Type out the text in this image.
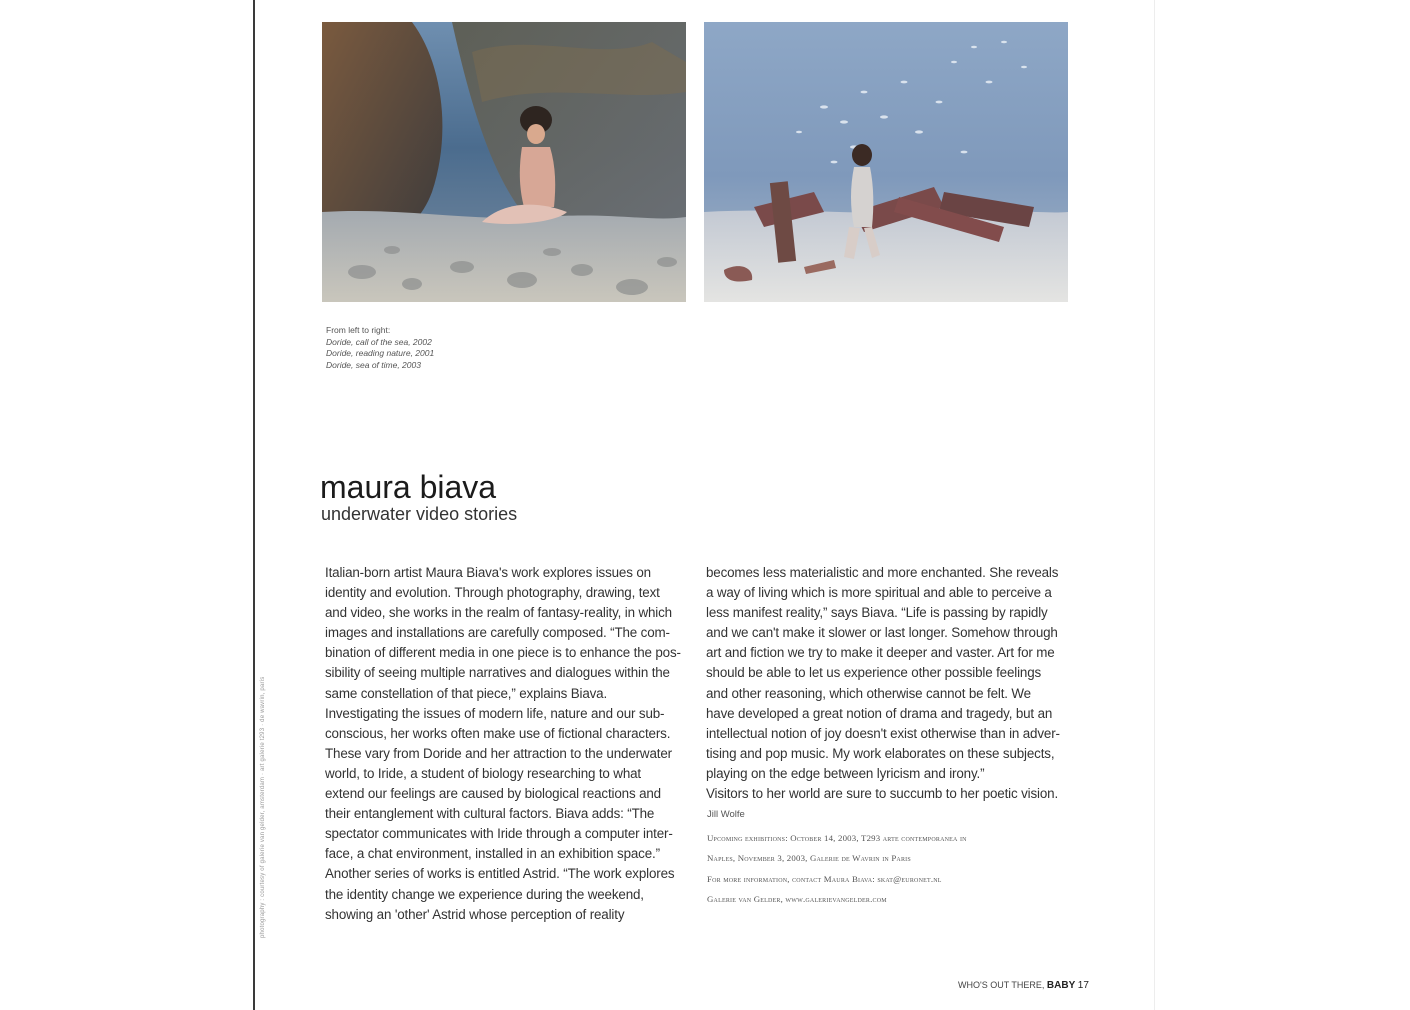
photography : courtesy of galerie van gelder, amsterdam · art galerie t293 · de wavrin, paris
From left to right:
Doride, call of the sea, 2002
Doride, reading nature, 2001
Doride, sea of time, 2003
maura biava
underwater video stories
Italian-born artist Maura Biava's work explores issues on
identity and evolution. Through photography, drawing, text
and video, she works in the realm of fantasy-reality, in which
images and installations are carefully composed. “The com-
bination of different media in one piece is to enhance the pos-
sibility of seeing multiple narratives and dialogues within the
same constellation of that piece,” explains Biava.
Investigating the issues of modern life, nature and our sub-
conscious, her works often make use of fictional characters.
These vary from Doride and her attraction to the underwater
world, to Iride, a student of biology researching to what
extend our feelings are caused by biological reactions and
their entanglement with cultural factors. Biava adds: “The
spectator communicates with Iride through a computer inter-
face, a chat environment, installed in an exhibition space.”
Another series of works is entitled Astrid. “The work explores
the identity change we experience during the weekend,
showing an 'other' Astrid whose perception of reality
becomes less materialistic and more enchanted. She reveals
a way of living which is more spiritual and able to perceive a
less manifest reality,” says Biava. “Life is passing by rapidly
and we can't make it slower or last longer. Somehow through
art and fiction we try to make it deeper and vaster. Art for me
should be able to let us experience other possible feelings
and other reasoning, which otherwise cannot be felt. We
have developed a great notion of drama and tragedy, but an
intellectual notion of joy doesn't exist otherwise than in adver-
tising and pop music. My work elaborates on these subjects,
playing on the edge between lyricism and irony.”
Visitors to her world are sure to succumb to her poetic vision.
Jill Wolfe
Upcoming exhibitions: October 14, 2003, T293 arte contemporanea in
Naples, November 3, 2003, Galerie de Wavrin in Paris
For more information, contact Maura Biava: skat@euronet.nl
Galerie van Gelder, www.galerievangelder.com
WHO'S OUT THERE, BABY 17
